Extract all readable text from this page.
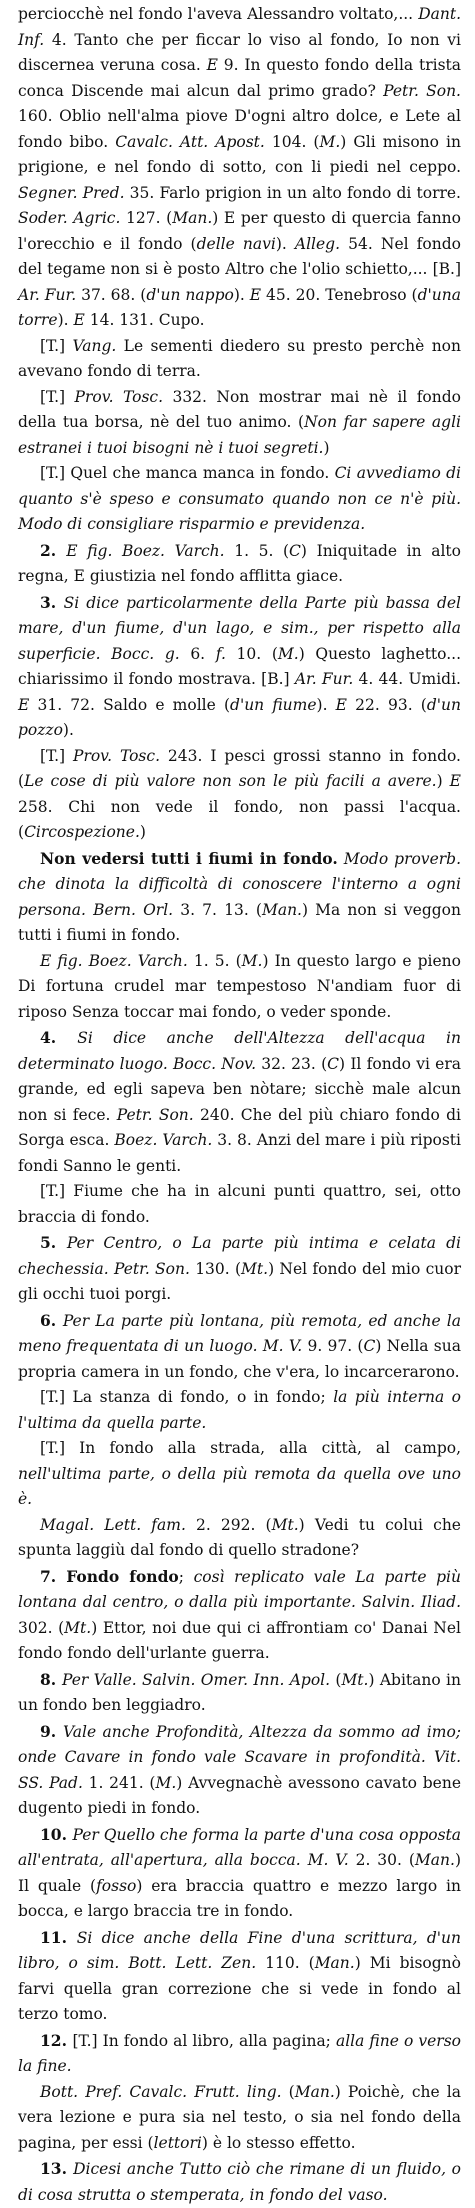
perciocchè nel fondo l'aveva Alessandro voltato,... Dant. Inf. 4. Tanto che per ficcar lo viso al fondo, Io non vi discernea veruna cosa. E 9. In questo fondo della trista conca Discende mai alcun dal primo grado? Petr. Son. 160. Oblio nell'alma piove D'ogni altro dolce, e Lete al fondo bibo. Cavalc. Att. Apost. 104. (M.) Gli misono in prigione, e nel fondo di sotto, con li piedi nel ceppo. Segner. Pred. 35. Farlo prigion in un alto fondo di torre. Soder. Agric. 127. (Man.) E per questo di quercia fanno l'orecchio e il fondo (delle navi). Alleg. 54. Nel fondo del tegame non si è posto Altro che l'olio schietto,... [B.] Ar. Fur. 37. 68. (d'un nappo). E 45. 20. Tenebroso (d'una torre). E 14. 131. Cupo.

[T.] Vang. Le sementi diedero su presto perchè non avevano fondo di terra.

[T.] Prov. Tosc. 332. Non mostrar mai nè il fondo della tua borsa, nè del tuo animo. (Non far sapere agli estranei i tuoi bisogni nè i tuoi segreti.)

[T.] Quel che manca manca in fondo. Ci avvediamo di quanto s'è speso e consumato quando non ce n'è più. Modo di consigliare risparmio e previdenza.

2. E fig. Boez. Varch. 1. 5. (C) Iniquitade in alto regna, E giustizia nel fondo afflitta giace.

3. Si dice particolarmente della Parte più bassa del mare, d'un fiume, d'un lago, e sim., per rispetto alla superficie. Bocc. g. 6. f. 10. (M.) Questo laghetto... chiarissimo il fondo mostrava. [B.] Ar. Fur. 4. 44. Umidi. E 31. 72. Saldo e molle (d'un fiume). E 22. 93. (d'un pozzo).

[T.] Prov. Tosc. 243. I pesci grossi stanno in fondo. (Le cose di più valore non son le più facili a avere.) E 258. Chi non vede il fondo, non passi l'acqua. (Circospezione.)

Non vedersi tutti i fiumi in fondo. Modo proverb. che dinota la difficoltà di conoscere l'interno a ogni persona. Bern. Orl. 3. 7. 13. (Man.) Ma non si veggon tutti i fiumi in fondo.

E fig. Boez. Varch. 1. 5. (M.) In questo largo e pieno Di fortuna crudel mar tempestoso N'andiam fuor di riposo Senza toccar mai fondo, o veder sponde.

4. Si dice anche dell'Altezza dell'acqua in determinato luogo. Bocc. Nov. 32. 23. (C) Il fondo vi era grande, ed egli sapeva ben nòtare; sicchè male alcun non si fece. Petr. Son. 240. Che del più chiaro fondo di Sorga esca. Boez. Varch. 3. 8. Anzi del mare i più riposti fondi Sanno le genti.

[T.] Fiume che ha in alcuni punti quattro, sei, otto braccia di fondo.

5. Per Centro, o La parte più intima e celata di chechessia. Petr. Son. 130. (Mt.) Nel fondo del mio cuor gli occhi tuoi porgi.

6. Per La parte più lontana, più remota, ed anche la meno frequentata di un luogo. M. V. 9. 97. (C) Nella sua propria camera in un fondo, che v'era, lo incarcerarono.

[T.] La stanza di fondo, o in fondo; la più interna o l'ultima da quella parte.

[T.] In fondo alla strada, alla città, al campo, nell'ultima parte, o della più remota da quella ove uno è.

Magal. Lett. fam. 2. 292. (Mt.) Vedi tu colui che spunta laggiù dal fondo di quello stradone?

7. Fondo fondo; così replicato vale La parte più lontana dal centro, o dalla più importante. Salvin. Iliad. 302. (Mt.) Ettor, noi due qui ci affrontiam co' Danai Nel fondo fondo dell'urlante guerra.

8. Per Valle. Salvin. Omer. Inn. Apol. (Mt.) Abitano in un fondo ben leggiadro.

9. Vale anche Profondità, Altezza da sommo ad imo; onde Cavare in fondo vale Scavare in profondità. Vit. SS. Pad. 1. 241. (M.) Avvegnachè avessono cavato bene dugento piedi in fondo.

10. Per Quello che forma la parte d'una cosa opposta all'entrata, all'apertura, alla bocca. M. V. 2. 30. (Man.) Il quale (fosso) era braccia quattro e mezzo largo in bocca, e largo braccia tre in fondo.

11. Si dice anche della Fine d'una scrittura, d'un libro, o sim. Bott. Lett. Zen. 110. (Man.) Mi bisognò farvi quella gran correzione che si vede in fondo al terzo tomo.

12. [T.] In fondo al libro, alla pagina; alla fine o verso la fine.

Bott. Pref. Cavalc. Frutt. ling. (Man.) Poichè, che la vera lezione e pura sia nel testo, o sia nel fondo della pagina, per essi (lettori) è lo stesso effetto.

13. Dicesi anche Tutto ciò che rimane di un fluido, o di cosa strutta o stemperata, in fondo del vaso.
